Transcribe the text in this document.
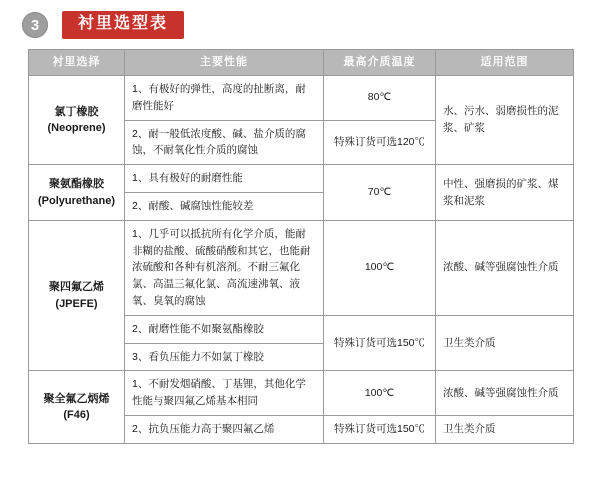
3	衬里选型表
衬里选择	主要性能	最高介质温度	适用范围
氯丁橡胶
(Neoprene)	1、有极好的弹性，高度的扯断离，耐磨性能好	80℃	水、污水、弱磨损性的泥浆、矿浆
	2、耐一般低浓度酸、碱、盐介质的腐蚀，不耐氧化性介质的腐蚀	特殊订货可选120℃	
聚氨酯橡胶
(Polyurethane)	1、具有极好的耐磨性能	70℃	中性、强磨损的矿浆、煤浆和泥浆
	2、耐酸、碱腐蚀性能较差		
聚四氟乙烯
(JPEFE)	1、几乎可以抵抗所有化学介质，能耐非糊的盐酸、硫酸硝酸和其它，也能耐浓硫酸和各种有机溶剂。不耐三氟化氯、高温三氟化氯、高流速沸氧、液氧、臭氧的腐蚀	100℃	浓酸、碱等强腐蚀性介质
	2、耐磨性能不如聚氨酯橡胶	特殊订货可选150℃	卫生类介质
	3、看负压能力不如氯丁橡胶		
聚全氟乙炳烯
(F46)	1、不耐发烟硝酸、丁基锂，其他化学性能与聚四氟乙烯基本相同	100℃	浓酸、碱等强腐蚀性介质
	2、抗负压能力高于聚四氟乙烯	特殊订货可选150℃	卫生类介质
